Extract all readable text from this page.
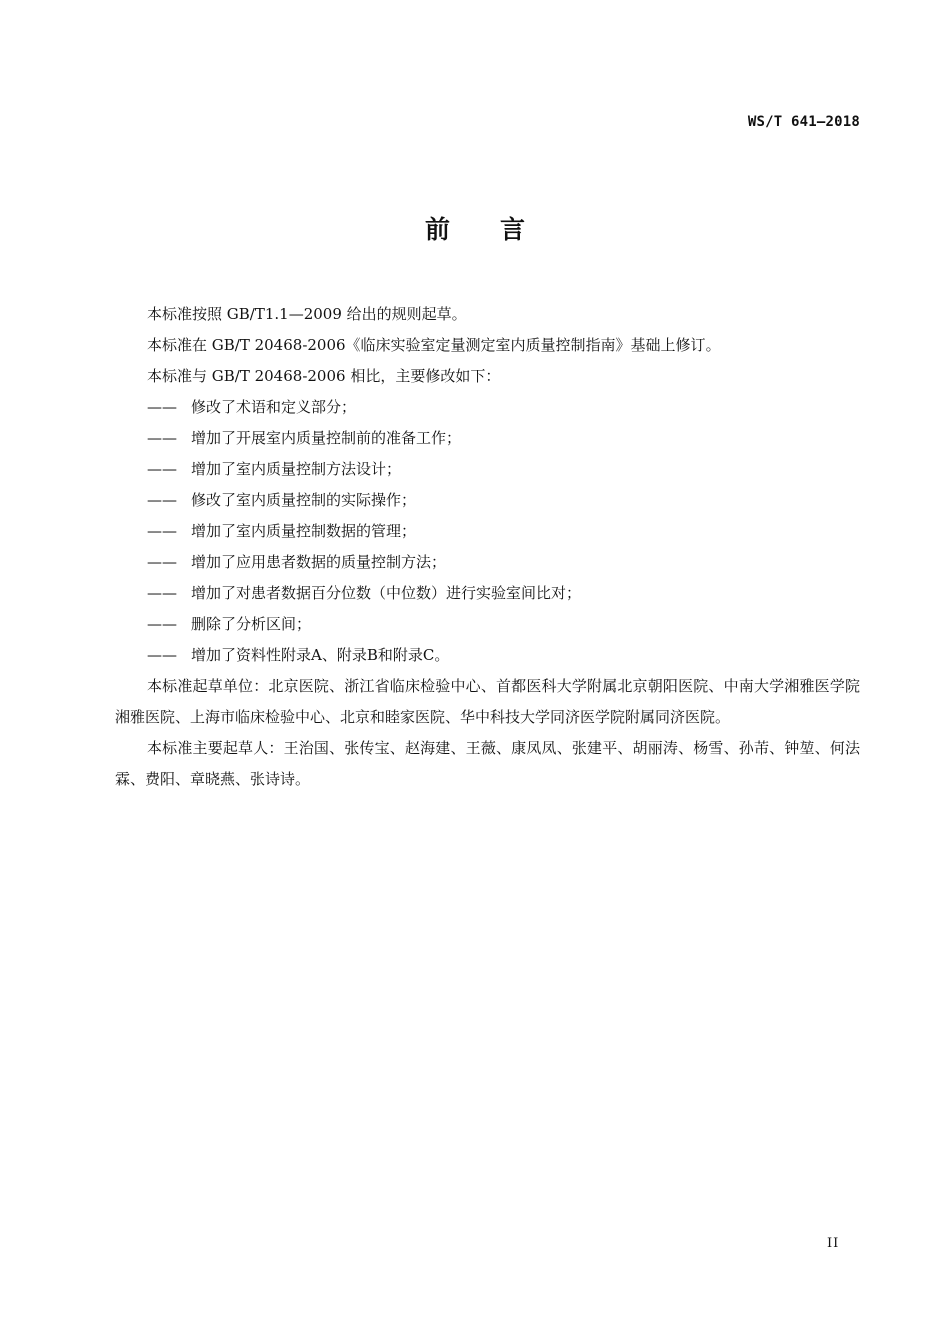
WS/T 641—2018
前言

本标准按照 GB/T1.1—2009 给出的规则起草。

本标准在 GB/T 20468-2006《临床实验室定量测定室内质量控制指南》基础上修订。

本标准与 GB/T 20468-2006 相比，主要修改如下：

—— 修改了术语和定义部分；

—— 增加了开展室内质量控制前的准备工作；

—— 增加了室内质量控制方法设计；

—— 修改了室内质量控制的实际操作；

—— 增加了室内质量控制数据的管理；

—— 增加了应用患者数据的质量控制方法；

—— 增加了对患者数据百分位数（中位数）进行实验室间比对；

—— 删除了分析区间；

—— 增加了资料性附录A、附录B和附录C。

本标准起草单位：北京医院、浙江省临床检验中心、首都医科大学附属北京朝阳医院、中南大学湘雅医学院湘雅医院、上海市临床检验中心、北京和睦家医院、华中科技大学同济医学院附属同济医院。

本标准主要起草人：王治国、张传宝、赵海建、王薇、康凤凤、张建平、胡丽涛、杨雪、孙芾、钟堃、何法霖、费阳、章晓燕、张诗诗。

II
